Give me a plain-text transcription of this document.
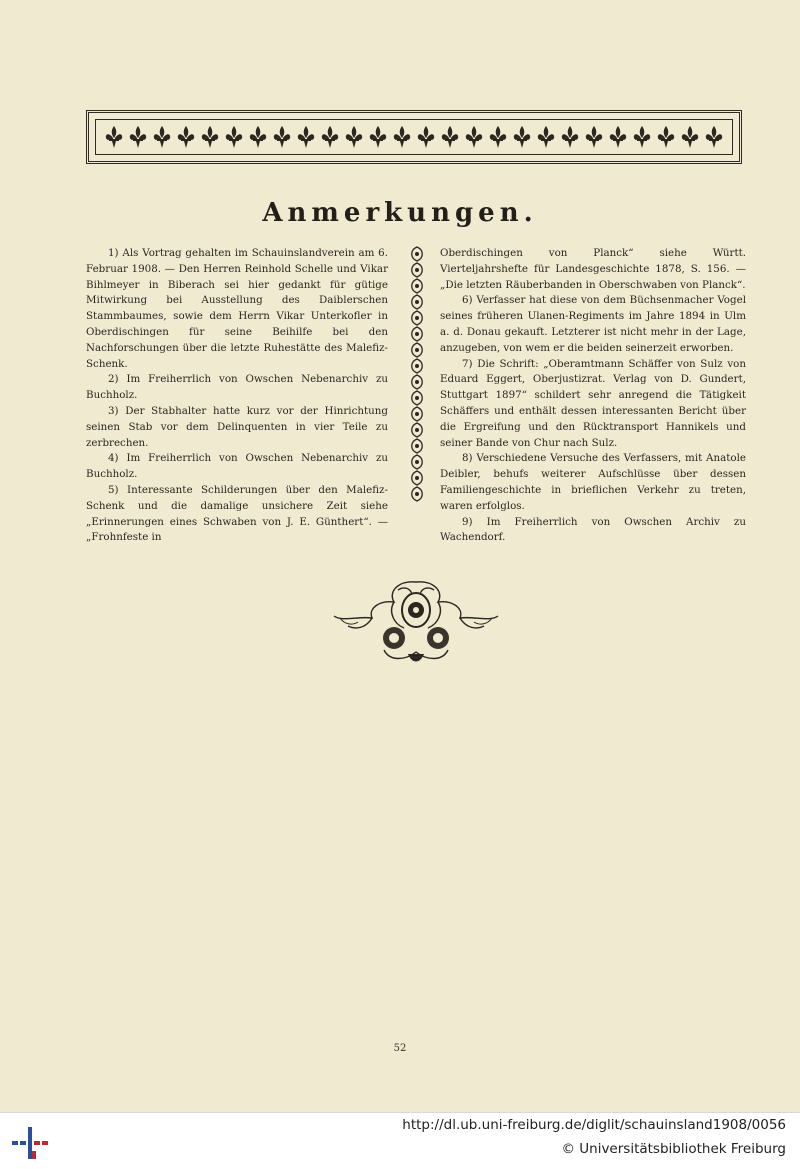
Anmerkungen.

1) Als Vortrag gehalten im Schauinslandverein am 6. Februar 1908. — Den Herren Reinhold Schelle und Vikar Bihlmeyer in Biberach sei hier gedankt für gütige Mitwirkung bei Ausstellung des Daiblerschen Stammbaumes, sowie dem Herrn Vikar Unterkofler in Oberdischingen für seine Beihilfe bei den Nachforschungen über die letzte Ruhestätte des Malefiz-Schenk.

2) Im Freiherrlich von Owschen Nebenarchiv zu Buchholz.

3) Der Stabhalter hatte kurz vor der Hinrichtung seinen Stab vor dem Delinquenten in vier Teile zu zerbrechen.

4) Im Freiherrlich von Owschen Nebenarchiv zu Buchholz.

5) Interessante Schilderungen über den Malefiz-Schenk und die damalige unsichere Zeit siehe „Erinnerungen eines Schwaben von J. E. Günthert“. — „Frohnfeste in

Oberdischingen von Planck“ siehe Württ. Vierteljahrshefte für Landesgeschichte 1878, S. 156. — „Die letzten Räuberbanden in Oberschwaben von Planck“.

6) Verfasser hat diese von dem Büchsenmacher Vogel seines früheren Ulanen-Regiments im Jahre 1894 in Ulm a. d. Donau gekauft. Letzterer ist nicht mehr in der Lage, anzugeben, von wem er die beiden seinerzeit erworben.

7) Die Schrift: „Oberamtmann Schäffer von Sulz von Eduard Eggert, Oberjustizrat. Verlag von D. Gundert, Stuttgart 1897“ schildert sehr anregend die Tätigkeit Schäffers und enthält dessen interessanten Bericht über die Ergreifung und den Rücktransport Hannikels und seiner Bande von Chur nach Sulz.

8) Verschiedene Versuche des Verfassers, mit Anatole Deibler, behufs weiterer Aufschlüsse über dessen Familiengeschichte in brieflichen Verkehr zu treten, waren erfolglos.

9) Im Freiherrlich von Owschen Archiv zu Wachendorf.

52
http://dl.ub.uni-freiburg.de/diglit/schauinsland1908/0056
© Universitätsbibliothek Freiburg
